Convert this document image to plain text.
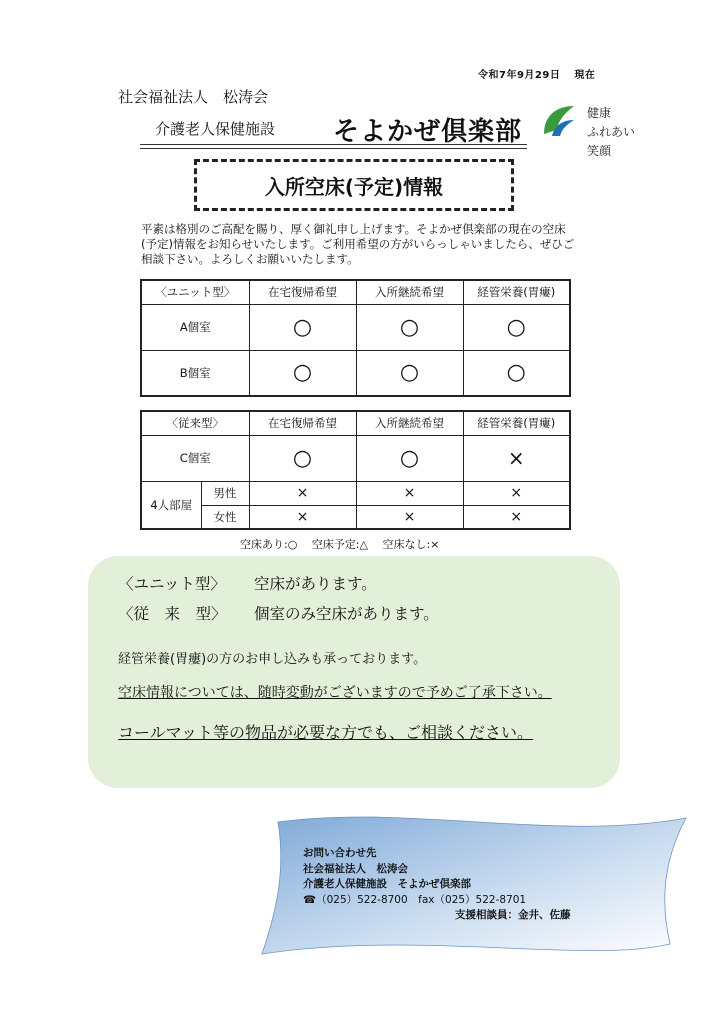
令和7年9月29日 現在
社会福祉法人　松涛会
介護老人保健施設 そよかぜ倶楽部
健康
ふれあい
笑顔
入所空床(予定)情報
平素は格別のご高配を賜り、厚く御礼申し上げます。そよかぜ倶楽部の現在の空床(予定)情報をお知らせいたします。ご利用希望の方がいらっしゃいましたら、ぜひご相談下さい。よろしくお願いいたします。
〈ユニット型〉	在宅復帰希望	入所継続希望	経管栄養(胃瘻)
A個室	○	○	○
B個室	○	○	○
〈従来型〉		在宅復帰希望	入所継続希望	経管栄養(胃瘻)
C個室		○	○	×
4人部屋	男性	×	×	×
	女性	×	×	×
空床あり:○　 空床予定:△　 空床なし:×
〈ユニット型〉 空床があります。
〈従　来　型〉 個室のみ空床があります。
経管栄養(胃瘻)の方のお申し込みも承っております。
空床情報については、随時変動がございますので予めご了承下さい。
コールマット等の物品が必要な方でも、ご相談ください。
お問い合わせ先
社会福祉法人　松涛会
介護老人保健施設　そよかぜ倶楽部
☎（025）522-8700　fax（025）522-8701
支援相談員：金井、佐藤
